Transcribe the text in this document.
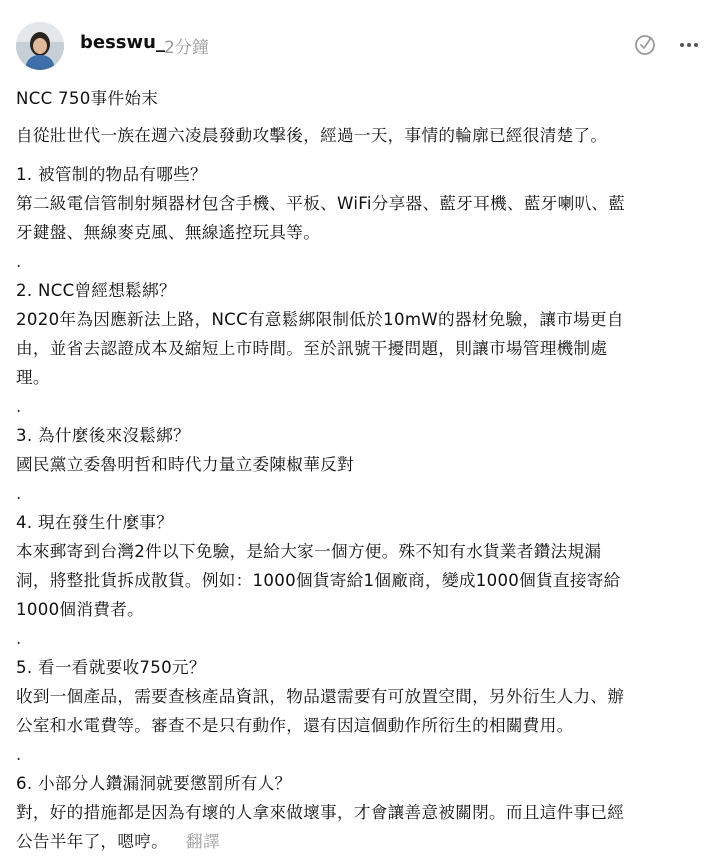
besswu_ 2分鐘

NCC 750事件始末

自從壯世代一族在週六凌晨發動攻擊後，經過一天，事情的輪廓已經很清楚了。

1. 被管制的物品有哪些？

第二級電信管制射頻器材包含手機、平板、WiFi分享器、藍牙耳機、藍牙喇叭、藍

牙鍵盤、無線麥克風、無線遙控玩具等。

.

2. NCC曾經想鬆綁？

2020年為因應新法上路，NCC有意鬆綁限制低於10mW的器材免驗，讓市場更自

由，並省去認證成本及縮短上市時間。至於訊號干擾問題，則讓市場管理機制處

理。

.

3. 為什麼後來沒鬆綁？

國民黨立委魯明哲和時代力量立委陳椒華反對

.

4. 現在發生什麼事？

本來郵寄到台灣2件以下免驗，是給大家一個方便。殊不知有水貨業者鑽法規漏

洞，將整批貨拆成散貨。例如：1000個貨寄給1個廠商，變成1000個貨直接寄給

1000個消費者。

.

5. 看一看就要收750元？

收到一個產品，需要查核產品資訊，物品還需要有可放置空間，另外衍生人力、辦

公室和水電費等。審查不是只有動作，還有因這個動作所衍生的相關費用。

.

6. 小部分人鑽漏洞就要懲罰所有人？

對，好的措施都是因為有壞的人拿來做壞事，才會讓善意被關閉。而且這件事已經

公告半年了，嗯哼。 翻譯
